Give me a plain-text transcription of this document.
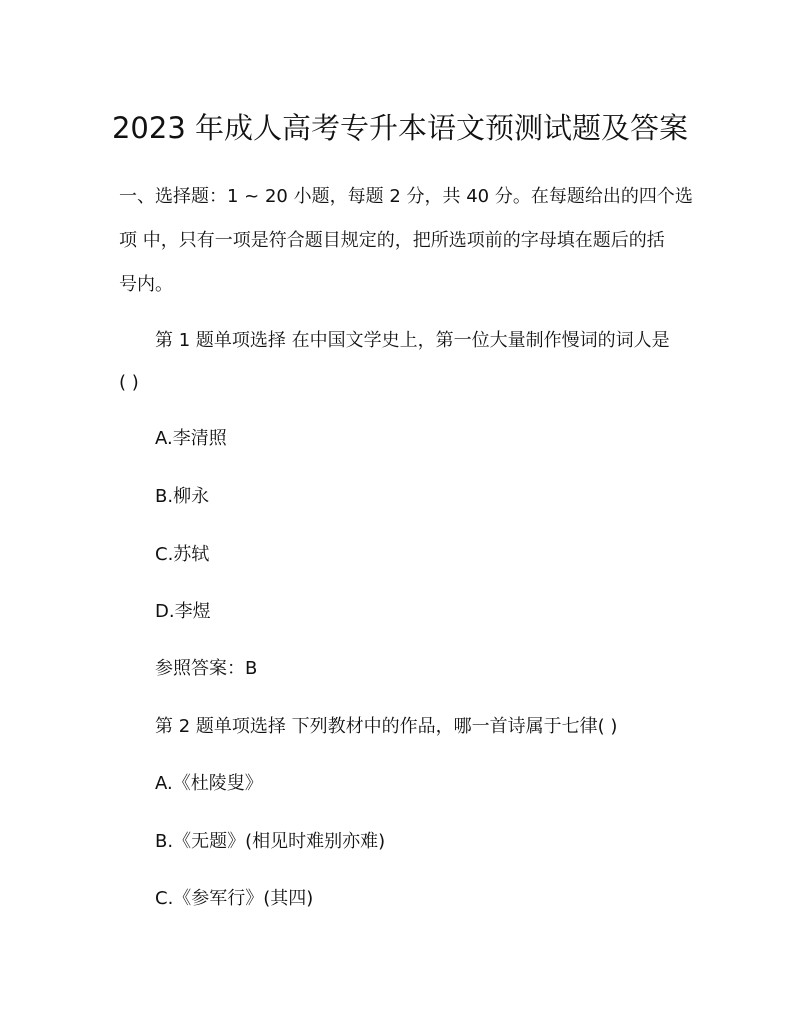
2023 年成人高考专升本语文预测试题及答案
一、选择题：1 ~ 20 小题，每题 2 分，共 40 分。在每题给出的四个选
项 中，只有一项是符合题目规定的，把所选项前的字母填在题后的括
号内。
第 1 题单项选择 在中国文学史上，第一位大量制作慢词的词人是
( )
A.李清照
B.柳永
C.苏轼
D.李煜
参照答案：B
第 2 题单项选择 下列教材中的作品，哪一首诗属于七律( )
A.《杜陵叟》
B.《无题》(相见时难别亦难)
C.《参军行》(其四)
